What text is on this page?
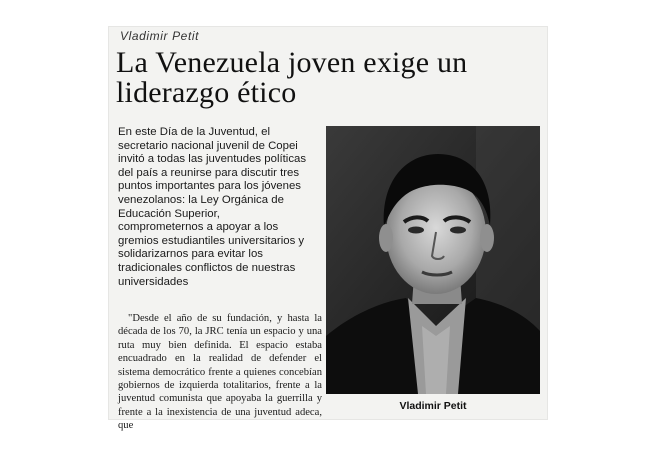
Vladimir Petit
La Venezuela joven exige un liderazgo ético

En este Día de la Juventud, el secretario nacional juvenil de Copei invitó a todas las juventudes políticas del país a reunirse para discutir tres puntos importantes para los jóvenes venezolanos: la Ley Orgánica de Educación Superior, comprometernos a apoyar a los gremios estudiantiles universitarios y solidarizarnos para evitar los tradicionales conflictos de nuestras universidades

"Desde el año de su fundación, y hasta la década de los 70, la JRC tenía un espacio y una ruta muy bien definida. El espacio estaba encuadrado en la realidad de defender el sistema democrático frente a quienes concebían gobiernos de izquierda totalitarios, frente a la juventud comunista que apoyaba la guerrilla y frente a la inexistencia de una juventud adeca, que

Vladimir Petit
